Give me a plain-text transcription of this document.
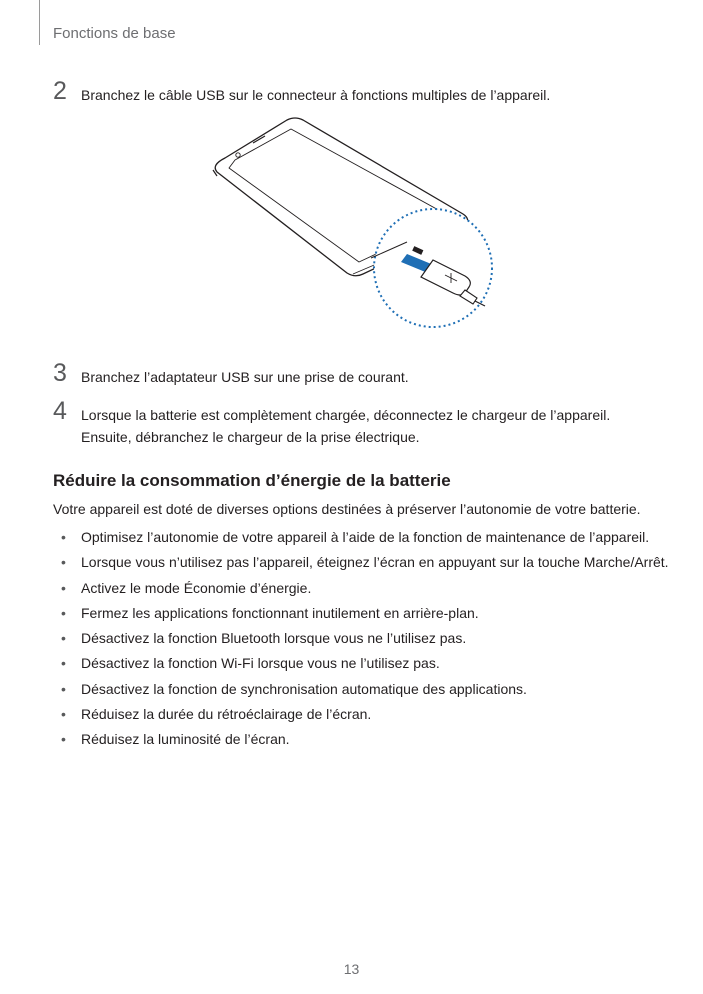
Fonctions de base
2 Branchez le câble USB sur le connecteur à fonctions multiples de l’appareil.
3 Branchez l’adaptateur USB sur une prise de courant.
4 Lorsque la batterie est complètement chargée, déconnectez le chargeur de l’appareil. Ensuite, débranchez le chargeur de la prise électrique.
Réduire la consommation d’énergie de la batterie
Votre appareil est doté de diverses options destinées à préserver l’autonomie de votre batterie.
• Optimisez l’autonomie de votre appareil à l’aide de la fonction de maintenance de l’appareil.
• Lorsque vous n’utilisez pas l’appareil, éteignez l’écran en appuyant sur la touche Marche/Arrêt.
• Activez le mode Économie d’énergie.
• Fermez les applications fonctionnant inutilement en arrière-plan.
• Désactivez la fonction Bluetooth lorsque vous ne l’utilisez pas.
• Désactivez la fonction Wi-Fi lorsque vous ne l’utilisez pas.
• Désactivez la fonction de synchronisation automatique des applications.
• Réduisez la durée du rétroéclairage de l’écran.
• Réduisez la luminosité de l’écran.
13
